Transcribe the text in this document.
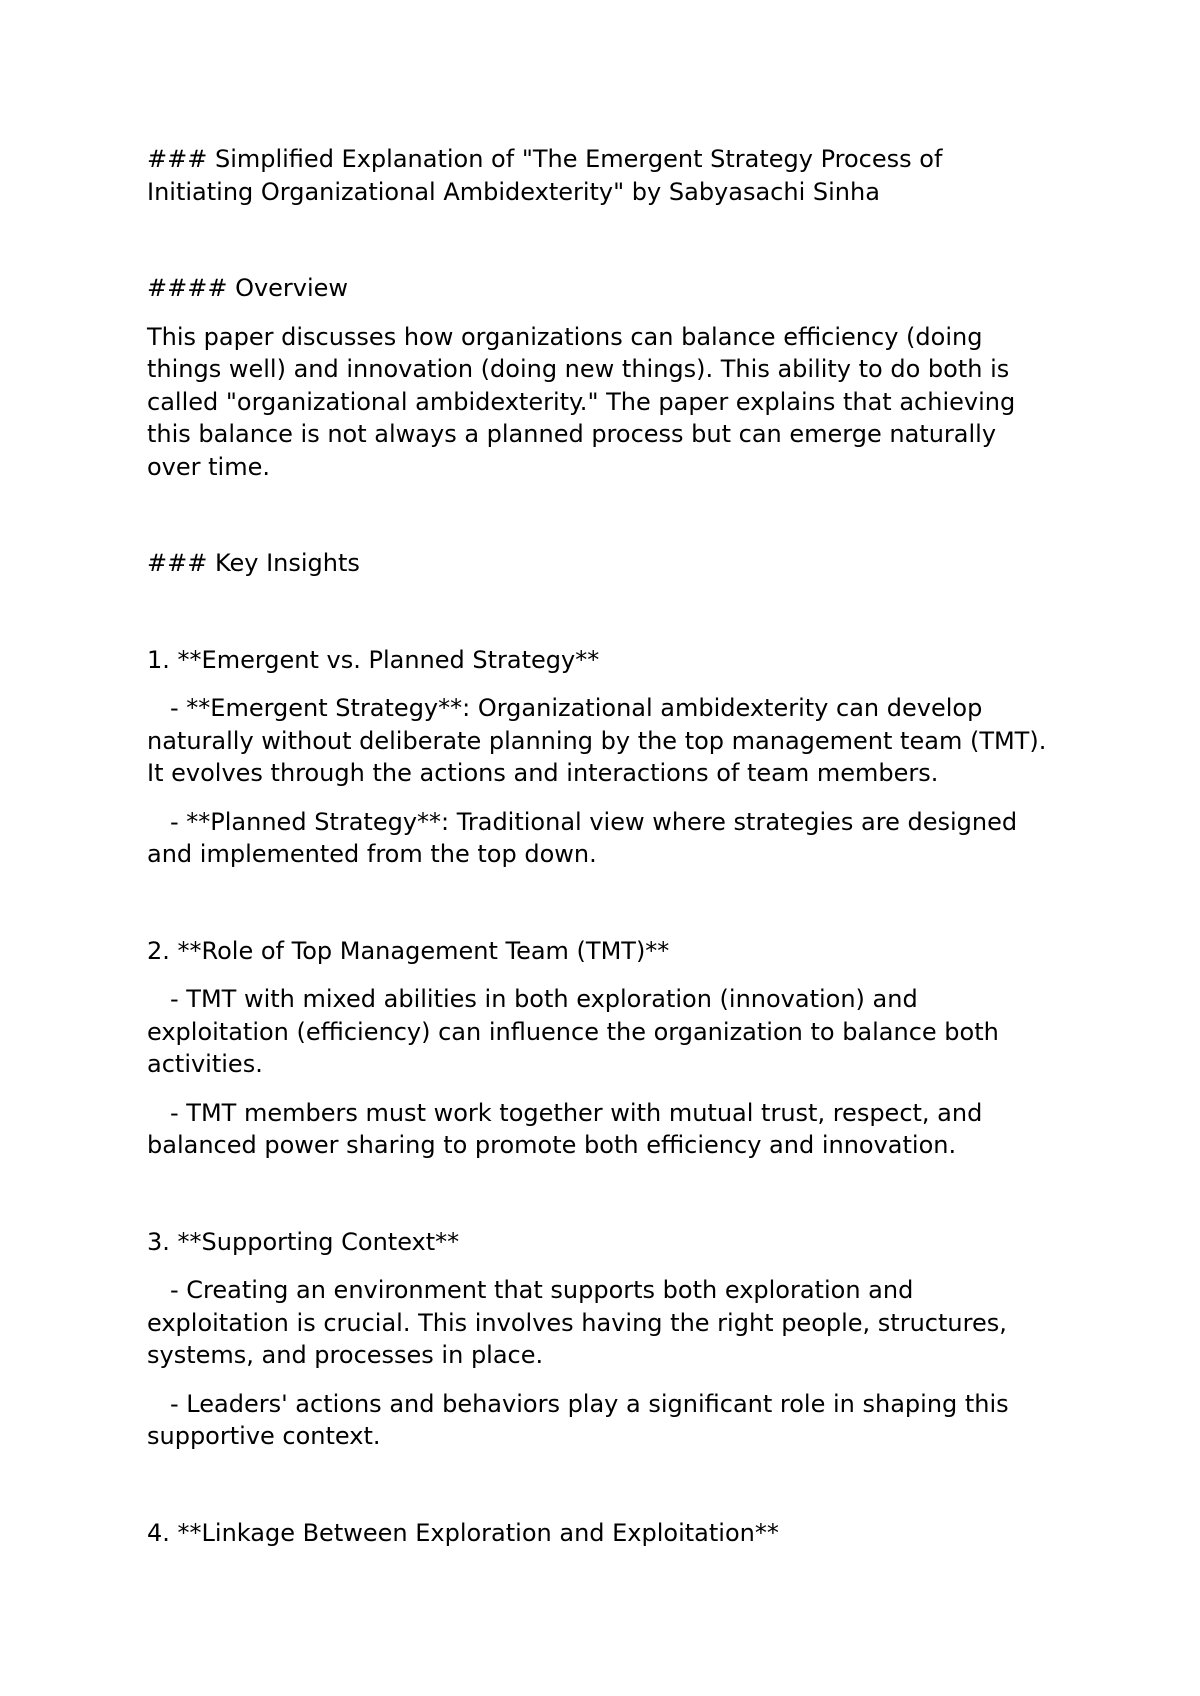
### Simplified Explanation of "The Emergent Strategy Process of
Initiating Organizational Ambidexterity" by Sabyasachi Sinha

#### Overview

This paper discusses how organizations can balance efficiency (doing
things well) and innovation (doing new things). This ability to do both is
called "organizational ambidexterity." The paper explains that achieving
this balance is not always a planned process but can emerge naturally
over time.

### Key Insights

1. **Emergent vs. Planned Strategy**

- **Emergent Strategy**: Organizational ambidexterity can develop
naturally without deliberate planning by the top management team (TMT).
It evolves through the actions and interactions of team members.

- **Planned Strategy**: Traditional view where strategies are designed
and implemented from the top down.

2. **Role of Top Management Team (TMT)**

- TMT with mixed abilities in both exploration (innovation) and
exploitation (efficiency) can influence the organization to balance both
activities.

- TMT members must work together with mutual trust, respect, and
balanced power sharing to promote both efficiency and innovation.

3. **Supporting Context**

- Creating an environment that supports both exploration and
exploitation is crucial. This involves having the right people, structures,
systems, and processes in place.

- Leaders' actions and behaviors play a significant role in shaping this
supportive context.

4. **Linkage Between Exploration and Exploitation**
